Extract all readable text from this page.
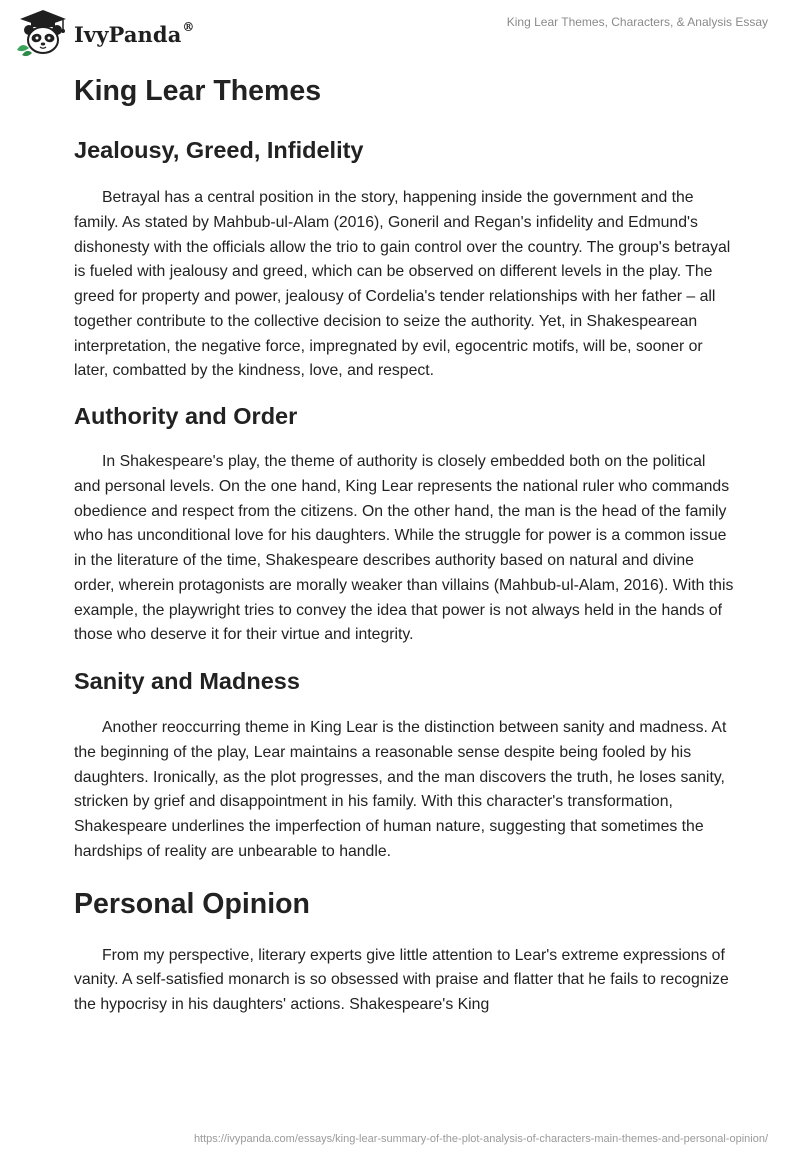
IvyPanda®	King Lear Themes, Characters, & Analysis Essay
King Lear Themes
Jealousy, Greed, Infidelity

Betrayal has a central position in the story, happening inside the government and the family. As stated by Mahbub-ul-Alam (2016), Goneril and Regan's infidelity and Edmund's dishonesty with the officials allow the trio to gain control over the country. The group's betrayal is fueled with jealousy and greed, which can be observed on different levels in the play. The greed for property and power, jealousy of Cordelia's tender relationships with her father – all together contribute to the collective decision to seize the authority. Yet, in Shakespearean interpretation, the negative force, impregnated by evil, egocentric motifs, will be, sooner or later, combatted by the kindness, love, and respect.

Authority and Order

In Shakespeare's play, the theme of authority is closely embedded both on the political and personal levels. On the one hand, King Lear represents the national ruler who commands obedience and respect from the citizens. On the other hand, the man is the head of the family who has unconditional love for his daughters. While the struggle for power is a common issue in the literature of the time, Shakespeare describes authority based on natural and divine order, wherein protagonists are morally weaker than villains (Mahbub-ul-Alam, 2016). With this example, the playwright tries to convey the idea that power is not always held in the hands of those who deserve it for their virtue and integrity.

Sanity and Madness

Another reoccurring theme in King Lear is the distinction between sanity and madness. At the beginning of the play, Lear maintains a reasonable sense despite being fooled by his daughters. Ironically, as the plot progresses, and the man discovers the truth, he loses sanity, stricken by grief and disappointment in his family. With this character's transformation, Shakespeare underlines the imperfection of human nature, suggesting that sometimes the hardships of reality are unbearable to handle.

Personal Opinion

From my perspective, literary experts give little attention to Lear's extreme expressions of vanity. A self-satisfied monarch is so obsessed with praise and flatter that he fails to recognize the hypocrisy in his daughters' actions. Shakespeare's King

https://ivypanda.com/essays/king-lear-summary-of-the-plot-analysis-of-characters-main-themes-and-personal-opinion/
